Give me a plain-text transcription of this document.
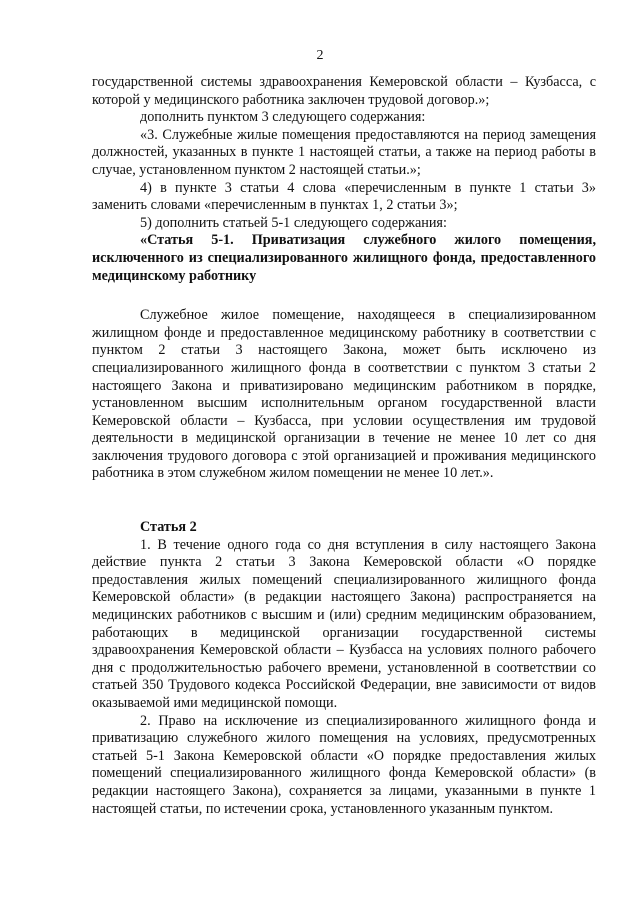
2

государственной системы здравоохранения Кемеровской области – Кузбасса, с которой у медицинского работника заключен трудовой договор.»;

дополнить пунктом 3 следующего содержания:

«3. Служебные жилые помещения предоставляются на период замещения должностей, указанных в пункте 1 настоящей статьи, а также на период работы в случае, установленном пунктом 2 настоящей статьи.»;

4) в пункте 3 статьи 4 слова «перечисленным в пункте 1 статьи 3» заменить словами «перечисленным в пунктах 1, 2 статьи 3»;

5) дополнить статьей 5-1 следующего содержания:

«Статья 5-1. Приватизация служебного жилого помещения, исключенного из специализированного жилищного фонда, предоставленного медицинскому работнику

Служебное жилое помещение, находящееся в специализированном жилищном фонде и предоставленное медицинскому работнику в соответствии с пунктом 2 статьи 3 настоящего Закона, может быть исключено из специализированного жилищного фонда в соответствии с пунктом 3 статьи 2 настоящего Закона и приватизировано медицинским работником в порядке, установленном высшим исполнительным органом государственной власти Кемеровской области – Кузбасса, при условии осуществления им трудовой деятельности в медицинской организации в течение не менее 10 лет со дня заключения трудового договора с этой организацией и проживания медицинского работника в этом служебном жилом помещении не менее 10 лет.».

Статья 2

1. В течение одного года со дня вступления в силу настоящего Закона действие пункта 2 статьи 3 Закона Кемеровской области «О порядке предоставления жилых помещений специализированного жилищного фонда Кемеровской области» (в редакции настоящего Закона) распространяется на медицинских работников с высшим и (или) средним медицинским образованием, работающих в медицинской организации государственной системы здравоохранения Кемеровской области – Кузбасса на условиях полного рабочего дня с продолжительностью рабочего времени, установленной в соответствии со статьей 350 Трудового кодекса Российской Федерации, вне зависимости от видов оказываемой ими медицинской помощи.

2. Право на исключение из специализированного жилищного фонда и приватизацию служебного жилого помещения на условиях, предусмотренных статьей 5-1 Закона Кемеровской области «О порядке предоставления жилых помещений специализированного жилищного фонда Кемеровской области» (в редакции настоящего Закона), сохраняется за лицами, указанными в пункте 1 настоящей статьи, по истечении срока, установленного указанным пунктом.
